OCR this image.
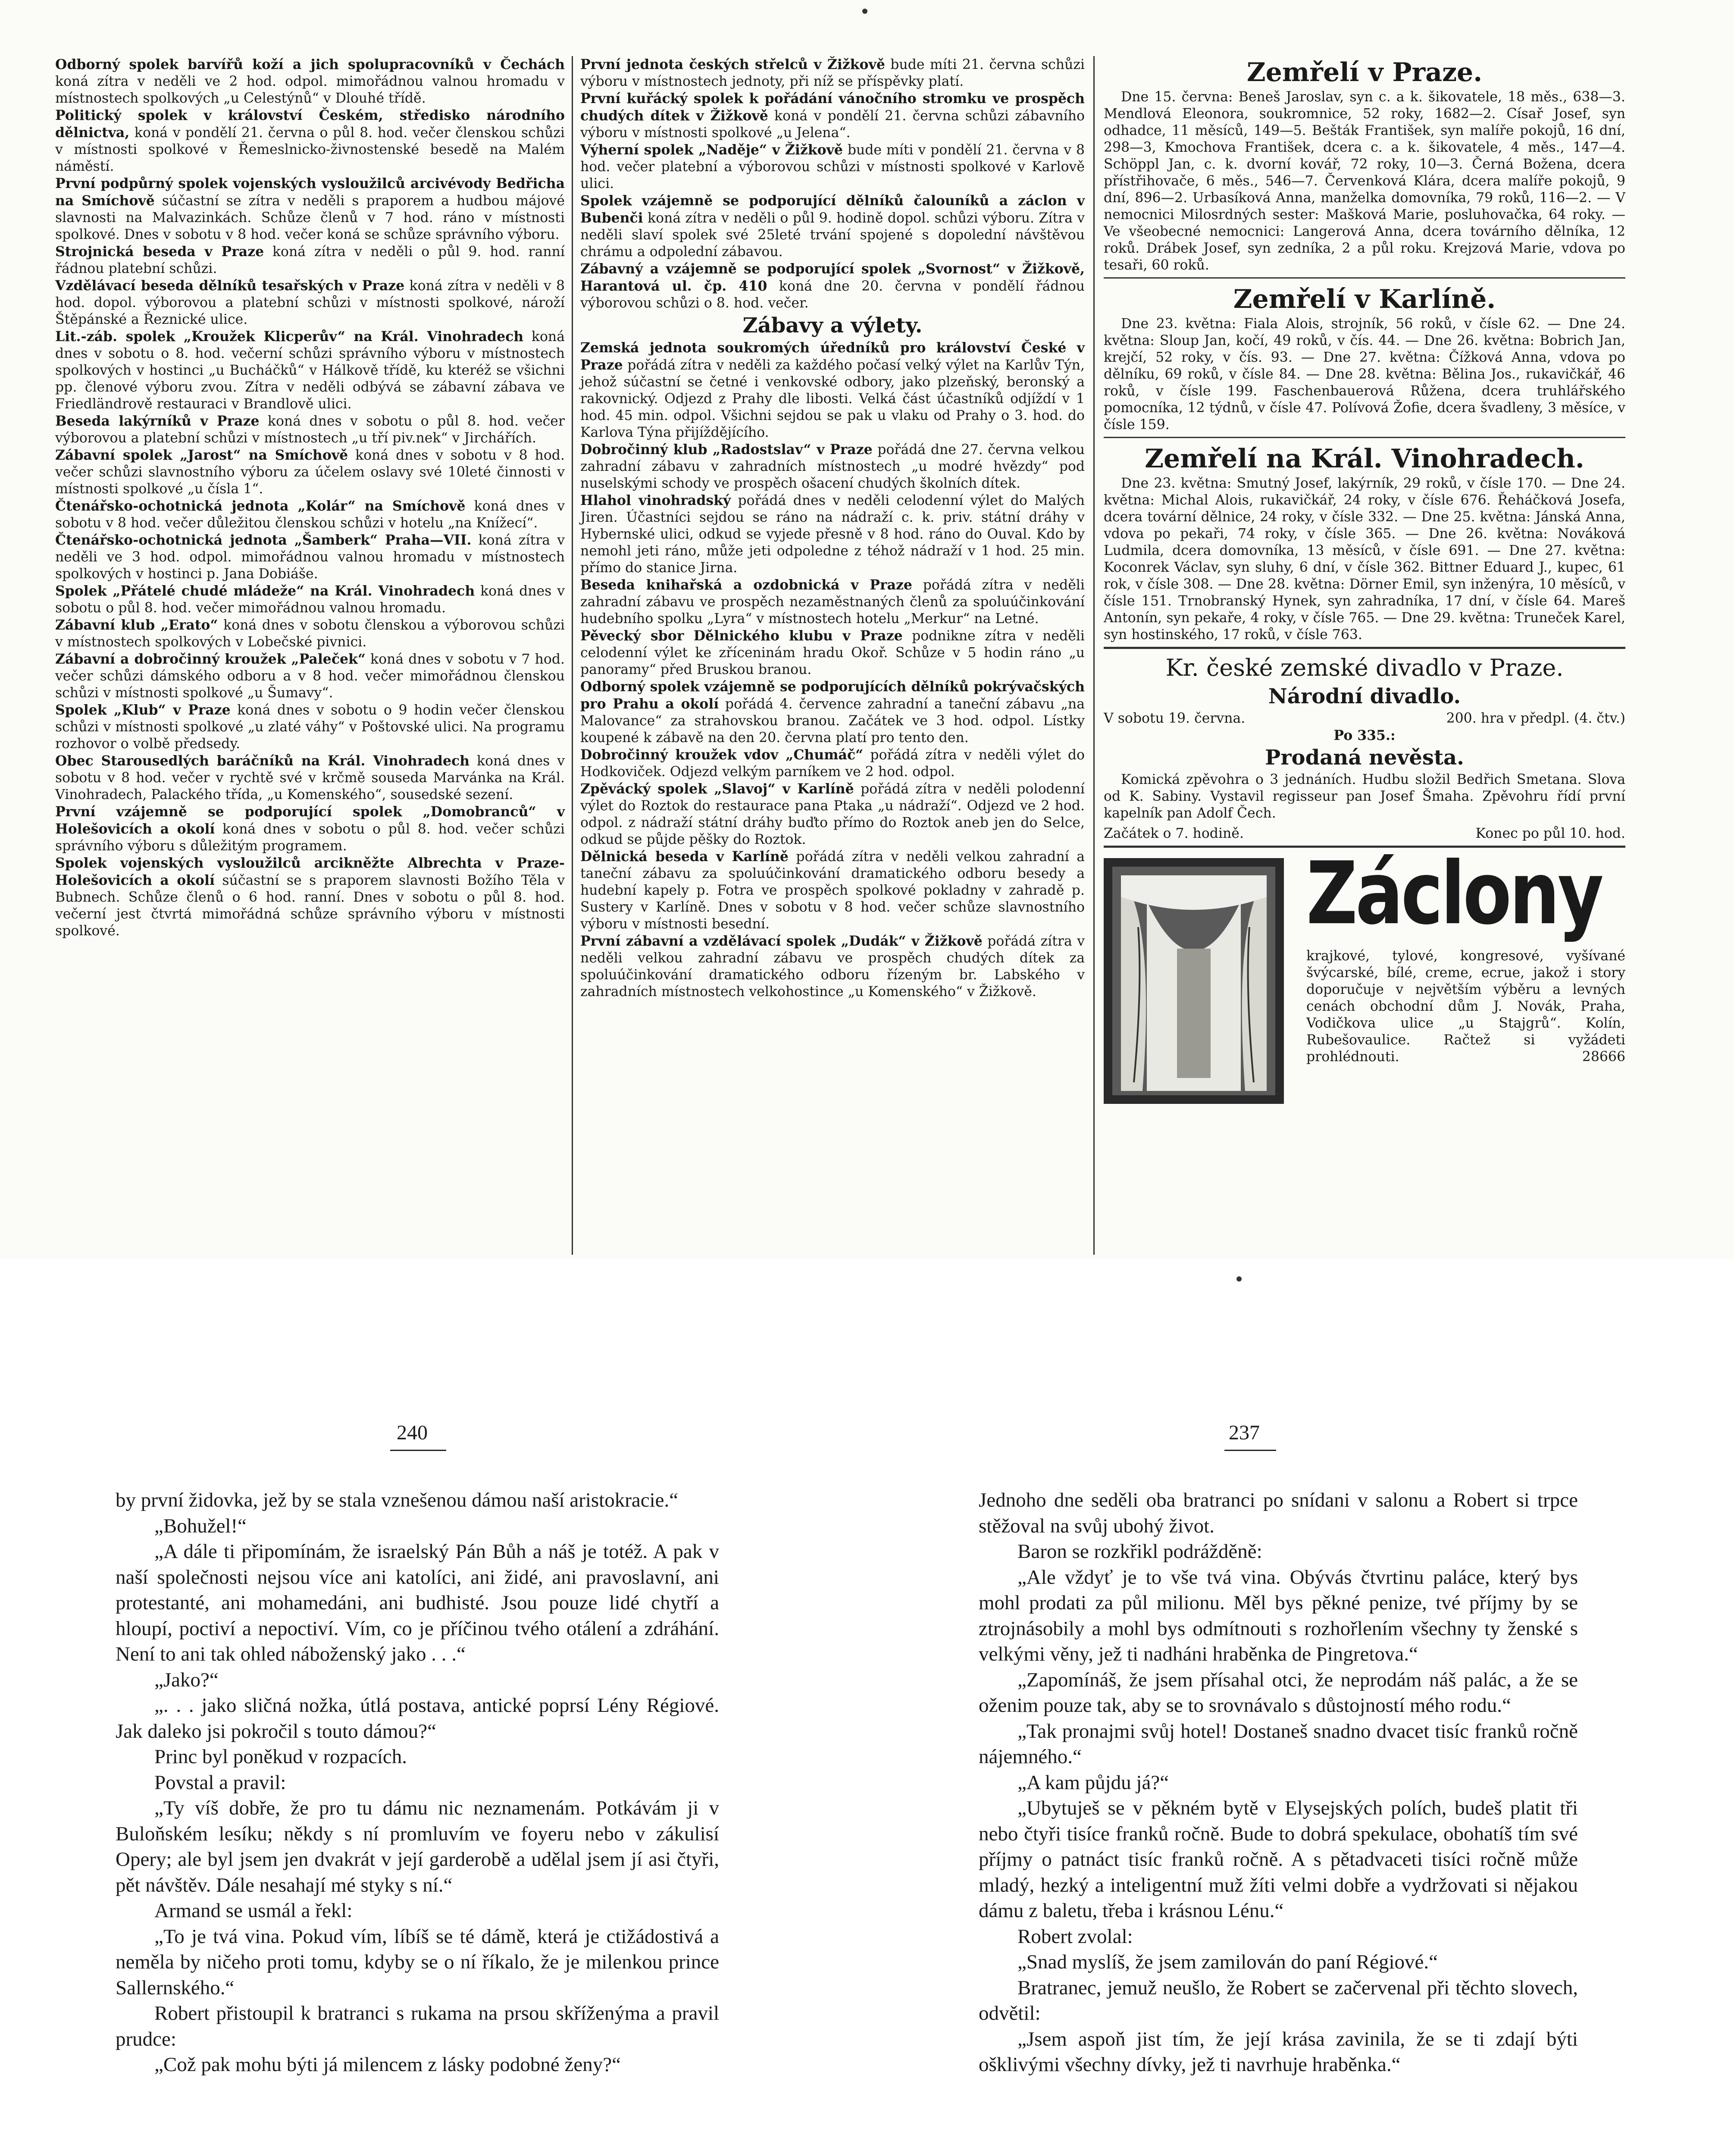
Odborný spolek barvířů koží a jich spolupracovníků v Čechách koná zítra v neděli ve 2 hod. odpol. mimořádnou valnou hromadu v místnostech spolkových „u Celestýnů“ v Dlouhé třídě.

Politický spolek v království Českém, středisko národního dělnictva, koná v pondělí 21. června o půl 8. hod. večer členskou schůzi v místnosti spolkové v Řemeslnicko-živnostenské besedě na Malém náměstí.

První podpůrný spolek vojenských vysloužilců arcivévody Bedřicha na Smíchově súčastní se zítra v neděli s praporem a hudbou májové slavnosti na Malvazinkách. Schůze členů v 7 hod. ráno v místnosti spolkové. Dnes v sobotu v 8 hod. večer koná se schůze správního výboru.

Strojnická beseda v Praze koná zítra v neděli o půl 9. hod. ranní řádnou platební schůzi.

Vzdělávací beseda dělníků tesařských v Praze koná zítra v neděli v 8 hod. dopol. výborovou a platební schůzi v místnosti spolkové, nároží Štěpánské a Řeznické ulice.

Lit.-záb. spolek „Kroužek Klicperův“ na Král. Vinohradech koná dnes v sobotu o 8. hod. večerní schůzi správního výboru v místnostech spolkových v hostinci „u Bucháčků“ v Hálkově třídě, ku kteréž se všichni pp. členové výboru zvou. Zítra v neděli odbývá se zábavní zábava ve Friedländrově restauraci v Brandlově ulici.

Beseda lakýrníků v Praze koná dnes v sobotu o půl 8. hod. večer výborovou a platební schůzi v místnostech „u tří piv.nek“ v Jirchářích.

Zábavní spolek „Jarost“ na Smíchově koná dnes v sobotu v 8 hod. večer schůzi slavnostního výboru za účelem oslavy své 10leté činnosti v místnosti spolkové „u čísla 1“.

Čtenářsko-ochotnická jednota „Kolár“ na Smíchově koná dnes v sobotu v 8 hod. večer důležitou členskou schůzi v hotelu „na Knížecí“.

Čtenářsko-ochotnická jednota „Šamberk“ Praha—VII. koná zítra v neděli ve 3 hod. odpol. mimořádnou valnou hromadu v místnostech spolkových v hostinci p. Jana Dobiáše.

Spolek „Přátelé chudé mládeže“ na Král. Vinohradech koná dnes v sobotu o půl 8. hod. večer mimořádnou valnou hromadu.

Zábavní klub „Erato“ koná dnes v sobotu členskou a výborovou schůzi v místnostech spolkových v Lobečské pivnici.

Zábavní a dobročinný kroužek „Paleček“ koná dnes v sobotu v 7 hod. večer schůzi dámského odboru a v 8 hod. večer mimořádnou členskou schůzi v místnosti spolkové „u Šumavy“.

Spolek „Klub“ v Praze koná dnes v sobotu o 9 hodin večer členskou schůzi v místnosti spolkové „u zlaté váhy“ v Poštovské ulici. Na programu rozhovor o volbě předsedy.

Obec Starousedlých baráčníků na Král. Vinohradech koná dnes v sobotu v 8 hod. večer v rychtě své v krčmě souseda Marvánka na Král. Vinohradech, Palackého třída, „u Komenského“, sousedské sezení.

První vzájemně se podporující spolek „Domobranců“ v Holešovicích a okolí koná dnes v sobotu o půl 8. hod. večer schůzi správního výboru s důležitým programem.

Spolek vojenských vysloužilců arcikněžte Albrechta v Praze-Holešovicích a okolí súčastní se s praporem slavnosti Božího Těla v Bubnech. Schůze členů o 6 hod. ranní. Dnes v sobotu o půl 8. hod. večerní jest čtvrtá mimořádná schůze správního výboru v místnosti spolkové.

První jednota českých střelců v Žižkově bude míti 21. června schůzi výboru v místnostech jednoty, při níž se příspěvky platí.

První kuřácký spolek k pořádání vánočního stromku ve prospěch chudých dítek v Žižkově koná v pondělí 21. června schůzi zábavního výboru v místnosti spolkové „u Jelena“.

Výherní spolek „Naděje“ v Žižkově bude míti v pondělí 21. června v 8 hod. večer platební a výborovou schůzi v místnosti spolkové v Karlově ulici.

Spolek vzájemně se podporující dělníků čalouníků a záclon v Bubenči koná zítra v neděli o půl 9. hodině dopol. schůzi výboru. Zítra v neděli slaví spolek své 25leté trvání spojené s dopolední návštěvou chrámu a odpolední zábavou.

Zábavný a vzájemně se podporující spolek „Svornost“ v Žižkově, Harantová ul. čp. 410 koná dne 20. června v pondělí řádnou výborovou schůzi o 8. hod. večer.

Zábavy a výlety.

Zemská jednota soukromých úředníků pro království České v Praze pořádá zítra v neděli za každého počasí velký výlet na Karlův Týn, jehož súčastní se četné i venkovské odbory, jako plzeňský, beronský a rakovnický. Odjezd z Prahy dle libosti. Velká část účastníků odjíždí v 1 hod. 45 min. odpol. Všichni sejdou se pak u vlaku od Prahy o 3. hod. do Karlova Týna přijíždějícího.

Dobročinný klub „Radostslav“ v Praze pořádá dne 27. června velkou zahradní zábavu v zahradních místnostech „u modré hvězdy“ pod nuselskými schody ve prospěch ošacení chudých školních dítek.

Hlahol vinohradský pořádá dnes v neděli celodenní výlet do Malých Jiren. Účastníci sejdou se ráno na nádraží c. k. priv. státní dráhy v Hybernské ulici, odkud se vyjede přesně v 8 hod. ráno do Ouval. Kdo by nemohl jeti ráno, může jeti odpoledne z téhož nádraží v 1 hod. 25 min. přímo do stanice Jirna.

Beseda knihařská a ozdobnická v Praze pořádá zítra v neděli zahradní zábavu ve prospěch nezaměstnaných členů za spoluúčinkování hudebního spolku „Lyra“ v místnostech hotelu „Merkur“ na Letné.

Pěvecký sbor Dělnického klubu v Praze podnikne zítra v neděli celodenní výlet ke zříceninám hradu Okoř. Schůze v 5 hodin ráno „u panoramy“ před Bruskou branou.

Odborný spolek vzájemně se podporujících dělníků pokrývačských pro Prahu a okolí pořádá 4. července zahradní a taneční zábavu „na Malovance“ za strahovskou branou. Začátek ve 3 hod. odpol. Lístky koupené k zábavě na den 20. června platí pro tento den.

Dobročinný kroužek vdov „Chumáč“ pořádá zítra v neděli výlet do Hodkoviček. Odjezd velkým parníkem ve 2 hod. odpol.

Zpěvácký spolek „Slavoj“ v Karlíně pořádá zítra v neděli polodenní výlet do Roztok do restaurace pana Ptaka „u nádraží“. Odjezd ve 2 hod. odpol. z nádraží státní dráhy buďto přímo do Roztok aneb jen do Selce, odkud se půjde pěšky do Roztok.

Dělnická beseda v Karlíně pořádá zítra v neděli velkou zahradní a taneční zábavu za spoluúčinkování dramatického odboru besedy a hudební kapely p. Fotra ve prospěch spolkové pokladny v zahradě p. Sustery v Karlíně. Dnes v sobotu v 8 hod. večer schůze slavnostního výboru v místnosti besední.

První zábavní a vzdělávací spolek „Dudák“ v Žižkově pořádá zítra v neděli velkou zahradní zábavu ve prospěch chudých dítek za spoluúčinkování dramatického odboru řízeným br. Labského v zahradních místnostech velkohostince „u Komenského“ v Žižkově.

Zemřelí v Praze.

Dne 15. června: Beneš Jaroslav, syn c. a k. šikovatele, 18 měs., 638—3. Mendlová Eleonora, soukromnice, 52 roky, 1682—2. Císař Josef, syn odhadce, 11 měsíců, 149—5. Bešták František, syn malíře pokojů, 16 dní, 298—3, Kmochova František, dcera c. a k. šikovatele, 4 měs., 147—4. Schöppl Jan, c. k. dvorní kovář, 72 roky, 10—3. Černá Božena, dcera přístřihovače, 6 měs., 546—7. Červenková Klára, dcera malíře pokojů, 9 dní, 896—2. Urbasíková Anna, manželka domovníka, 79 roků, 116—2. — V nemocnici Milosrdných sester: Mašková Marie, posluhovačka, 64 roky. — Ve všeobecné nemocnici: Langerová Anna, dcera továrního dělníka, 12 roků. Drábek Josef, syn zedníka, 2 a půl roku. Krejzová Marie, vdova po tesaři, 60 roků.

Zemřelí v Karlíně.

Dne 23. května: Fiala Alois, strojník, 56 roků, v čísle 62. — Dne 24. května: Sloup Jan, kočí, 49 roků, v čís. 44. — Dne 26. května: Bobrich Jan, krejčí, 52 roky, v čís. 93. — Dne 27. května: Čížková Anna, vdova po dělníku, 69 roků, v čísle 84. — Dne 28. května: Bělina Jos., rukavičkář, 46 roků, v čísle 199. Faschenbauerová Růžena, dcera truhlářského pomocníka, 12 týdnů, v čísle 47. Polívová Žofie, dcera švadleny, 3 měsíce, v čísle 159.

Zemřelí na Král. Vinohradech.

Dne 23. května: Smutný Josef, lakýrník, 29 roků, v čísle 170. — Dne 24. května: Michal Alois, rukavičkář, 24 roky, v čísle 676. Řeháčková Josefa, dcera tovární dělnice, 24 roky, v čísle 332. — Dne 25. května: Jánská Anna, vdova po pekaři, 74 roky, v čísle 365. — Dne 26. května: Nováková Ludmila, dcera domovníka, 13 měsíců, v čísle 691. — Dne 27. května: Koconrek Václav, syn sluhy, 6 dní, v čísle 362. Bittner Eduard J., kupec, 61 rok, v čísle 308. — Dne 28. května: Dörner Emil, syn inženýra, 10 měsíců, v čísle 151. Trnobranský Hynek, syn zahradníka, 17 dní, v čísle 64. Mareš Antonín, syn pekaře, 4 roky, v čísle 765. — Dne 29. května: Truneček Karel, syn hostinského, 17 roků, v čísle 763.

Kr. české zemské divadlo v Praze.

Národní divadlo.

V sobotu 19. června.	200. hra v předpl. (4. čtv.)

Po 335.:

Prodaná nevěsta.

Komická zpěvohra o 3 jednáních. Hudbu složil Bedřich Smetana. Slova od K. Sabiny. Vystavil regisseur pan Josef Šmaha. Zpěvohru řídí první kapelník pan Adolf Čech.

Začátek o 7. hodině.	Konec po půl 10. hod.
Záclony
krajkové, tylové, kongresové, vyšívané švýcarské, bílé, creme, ecrue, jakož i story doporučuje v největším výběru a levných cenách obchodní dům J. Novák, Praha, Vodičkova ulice „u Stajgrů“. Kolín, Rubešovaulice. Račtež si vyžádeti prohlédnouti.	28666
240	237

by první židovka, jež by se stala vznešenou dámou naší aristokracie.“

„Bohužel!“

„A dále ti připomínám, že israelský Pán Bůh a náš je totéž. A pak v naší společnosti nejsou více ani katolíci, ani židé, ani pravoslavní, ani protestanté, ani mohamedáni, ani budhisté. Jsou pouze lidé chytří a hloupí, poctiví a nepoctiví. Vím, co je příčinou tvého otálení a zdráhání. Není to ani tak ohled náboženský jako . . .“

„Jako?“

„. . . jako sličná nožka, útlá postava, antické poprsí Lény Régiové. Jak daleko jsi pokročil s touto dámou?“

Princ byl poněkud v rozpacích.

Povstal a pravil:

„Ty víš dobře, že pro tu dámu nic neznamenám. Potkávám ji v Buloňském lesíku; někdy s ní promluvím ve foyeru nebo v zákulisí Opery; ale byl jsem jen dvakrát v její garderobě a udělal jsem jí asi čtyři, pět návštěv. Dále nesahají mé styky s ní.“

Armand se usmál a řekl:

„To je tvá vina. Pokud vím, líbíš se té dámě, která je ctižádostivá a neměla by ničeho proti tomu, kdyby se o ní říkalo, že je milenkou prince Sallernského.“

Robert přistoupil k bratranci s rukama na prsou skříženýma a pravil prudce:

„Což pak mohu býti já milencem z lásky podobné ženy?“

Jednoho dne seděli oba bratranci po snídani v salonu a Robert si trpce stěžoval na svůj ubohý život.

Baron se rozkřikl podrážděně:

„Ale vždyť je to vše tvá vina. Obývás čtvrtinu paláce, který bys mohl prodati za půl milionu. Měl bys pěkné penize, tvé příjmy by se ztrojnásobily a mohl bys odmítnouti s rozhořlením všechny ty ženské s velkými věny, jež ti nadháni hraběnka de Pingretova.“

„Zapomínáš, že jsem přísahal otci, že neprodám náš palác, a že se oženim pouze tak, aby se to srovnávalo s důstojností mého rodu.“

„Tak pronajmi svůj hotel! Dostaneš snadno dvacet tisíc franků ročně nájemného.“

„A kam půjdu já?“

„Ubytuješ se v pěkném bytě v Elysejských polích, budeš platit tři nebo čtyři tisíce franků ročně. Bude to dobrá spekulace, obohatíš tím své příjmy o patnáct tisíc franků ročně. A s pětadvaceti tisíci ročně může mladý, hezký a inteligentní muž žíti velmi dobře a vydržovati si nějakou dámu z baletu, třeba i krásnou Lénu.“

Robert zvolal:

„Snad myslíš, že jsem zamilován do paní Régiové.“

Bratranec, jemuž neušlo, že Robert se začervenal při těchto slovech, odvětil:

„Jsem aspoň jist tím, že její krása zavinila, že se ti zdají býti ošklivými všechny dívky, jež ti navrhuje hraběnka.“
